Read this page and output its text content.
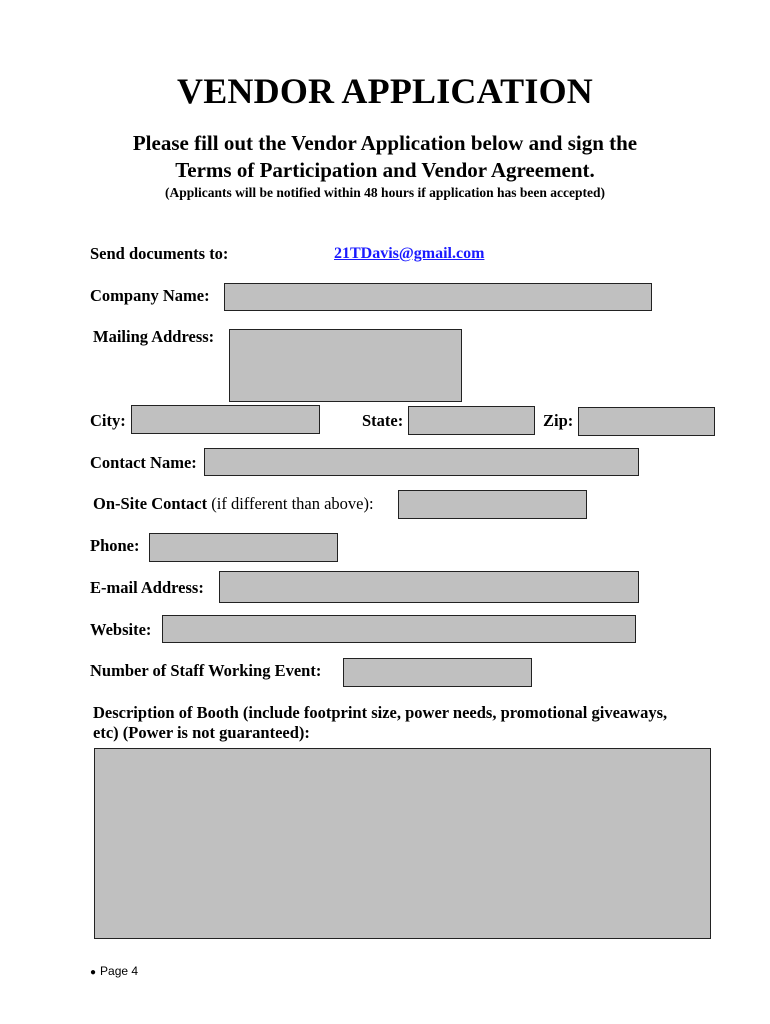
VENDOR APPLICATION
Please fill out the Vendor Application below and sign the
Terms of Participation and Vendor Agreement.
(Applicants will be notified within 48 hours if application has been accepted)
Send documents to:	21TDavis@gmail.com
Company Name:
Mailing Address:
City:	State:	Zip:
Contact Name:
On-Site Contact (if different than above):
Phone:
E-mail Address:
Website:
Number of Staff Working Event:
Description of Booth (include footprint size, power needs, promotional giveaways,
etc) (Power is not guaranteed):
● Page 4
